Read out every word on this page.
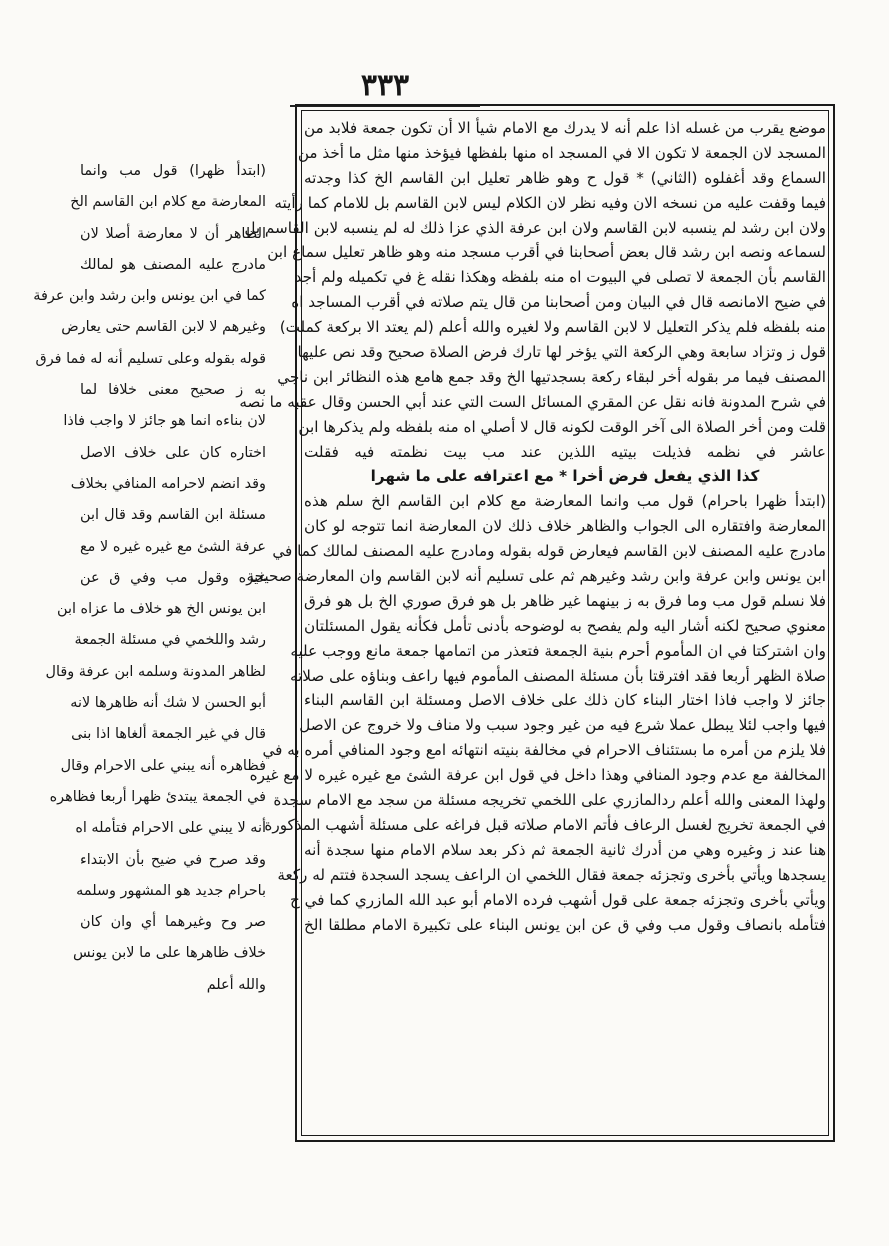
٣٣٣
موضع يقرب من غسله اذا علم أنه لا يدرك مع الامام شيأ الا أن تكون جمعة فلابد من
المسجد لان الجمعة لا تكون الا في المسجد اه منها بلفظها فيؤخذ منها مثل ما أخذ من
السماع وقد أغفلوه (الثاني) * قول ح وهو ظاهر تعليل ابن القاسم الخ كذا وجدته
فيما وقفت عليه من نسخه الان وفيه نظر لان الكلام ليس لابن القاسم بل للامام كما رأيته
ولان ابن رشد لم ينسبه لابن القاسم ولان ابن عرفة الذي عزا ذلك له لم ينسبه لابن القاسم بل
لسماعه ونصه ابن رشد قال بعض أصحابنا في أقرب مسجد منه وهو ظاهر تعليل سماع ابن
القاسم بأن الجمعة لا تصلى في البيوت اه منه بلفظه وهكذا نقله غ في تكميله ولم أجد
في ضيح الامانصه قال في البيان ومن أصحابنا من قال يتم صلاته في أقرب المساجد اه
منه بلفظه فلم يذكر التعليل لا لابن القاسم ولا لغيره والله أعلم (لم يعتد الا بركعة كملت)
قول ز وتزاد سابعة وهي الركعة التي يؤخر لها تارك فرض الصلاة صحيح وقد نص عليها
المصنف فيما مر بقوله أخر لبقاء ركعة بسجدتيها الخ وقد جمع هامع هذه النظائر ابن ناجي
في شرح المدونة فانه نقل عن المقري المسائل الست التي عند أبي الحسن وقال عقبه ما نصه
قلت ومن أخر الصلاة الى آخر الوقت لكونه قال لا أصلي اه منه بلفظه ولم يذكرها ابن
عاشر في نظمه فذيلت بيتيه اللذين عند مب بيت نظمته فيه فقلت
كذا الذي يفعل فرض أخرا * مع اعترافه على ما شهرا
(ابتدأ ظهرا باحرام) قول مب وانما المعارضة مع كلام ابن القاسم الخ سلم هذه
المعارضة وافتقاره الى الجواب والظاهر خلاف ذلك لان المعارضة انما تتوجه لو كان
مادرج عليه المصنف لابن القاسم فيعارض قوله بقوله ومادرج عليه المصنف لمالك كما في
ابن يونس وابن عرفة وابن رشد وغيرهم ثم على تسليم أنه لابن القاسم وان المعارضة صحيحة
فلا نسلم قول مب وما فرق به ز بينهما غير ظاهر بل هو فرق صوري الخ بل هو فرق
معنوي صحيح لكنه أشار اليه ولم يفصح به لوضوحه بأدنى تأمل فكأنه يقول المسئلتان
وان اشتركتا في ان المأموم أحرم بنية الجمعة فتعذر من اتمامها جمعة مانع ووجب عليه
صلاة الظهر أربعا فقد افترقتا بأن مسئلة المصنف المأموم فيها راعف وبناؤه على صلاته
جائز لا واجب فاذا اختار البناء كان ذلك على خلاف الاصل ومسئلة ابن القاسم البناء
فيها واجب لئلا يبطل عملا شرع فيه من غير وجود سبب ولا مناف ولا خروج عن الاصل
فلا يلزم من أمره ما بستئناف الاحرام في مخالفة بنيته انتهائه امع وجود المنافي أمره به في
المخالفة مع عدم وجود المنافي وهذا داخل في قول ابن عرفة الشئ مع غيره غيره لا مع غيره
ولهذا المعنى والله أعلم ردالمازري على اللخمي تخريجه مسئلة من سجد مع الامام سجدة
في الجمعة تخريج لغسل الرعاف فأتم الامام صلاته قبل فراغه على مسئلة أشهب المذكورة
هنا عند ز وغيره وهي من أدرك ثانية الجمعة ثم ذكر بعد سلام الامام منها سجدة أنه
يسجدها ويأتي بأخرى وتجزئه جمعة فقال اللخمي ان الراعف يسجد السجدة فتتم له ركعة
ويأتي بأخرى وتجزئه جمعة على قول أشهب فرده الامام أبو عبد الله المازري كما في ح
فتأمله بانصاف وقول مب وفي ق عن ابن يونس البناء على تكبيرة الامام مطلقا الخ
(ابتدأ ظهرا) قول مب وانما
المعارضة مع كلام ابن القاسم الخ
الظاهر أن لا معارضة أصلا لان
مادرج عليه المصنف هو لمالك
كما في ابن يونس وابن رشد وابن عرفة
وغيرهم لا لابن القاسم حتى يعارض
قوله بقوله وعلى تسليم أنه له فما فرق
به ز صحيح معنى خلافا لما
لان بناءه انما هو جائز لا واجب فاذا
اختاره كان على خلاف الاصل
وقد انضم لاحرامه المنافي بخلاف
مسئلة ابن القاسم وقد قال ابن
عرفة الشئ مع غيره غيره لا مع
غيره وقول مب وفي ق عن
ابن يونس الخ هو خلاف ما عزاه ابن
رشد واللخمي في مسئلة الجمعة
لظاهر المدونة وسلمه ابن عرفة وقال
أبو الحسن لا شك أنه ظاهرها لانه
قال في غير الجمعة ألغاها اذا بنى
فظاهره أنه يبني على الاحرام وقال
في الجمعة يبتدئ ظهرا أربعا فظاهره
أنه لا يبني على الاحرام فتأمله اه
وقد صرح في ضيح بأن الابتداء
باحرام جديد هو المشهور وسلمه
صر وح وغيرهما أي وان كان
خلاف ظاهرها على ما لابن يونس
والله أعلم
